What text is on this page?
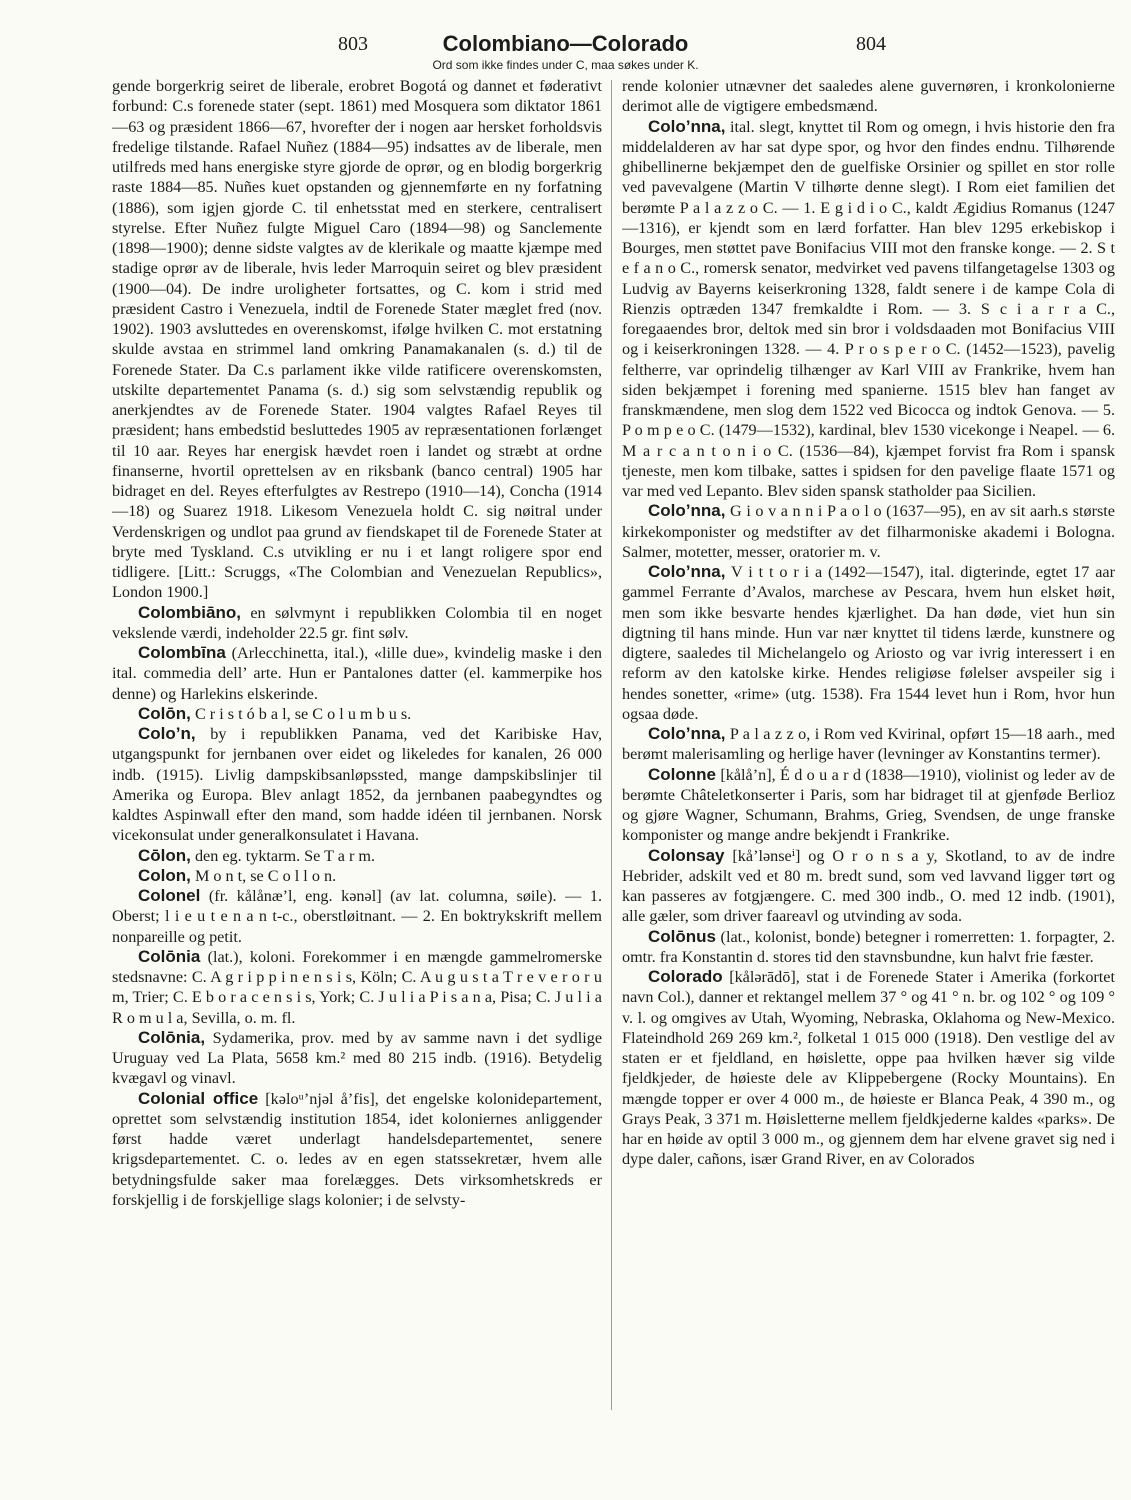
803	Colombiano—Colorado	804
Ord som ikke findes under C, maa søkes under K.

gende borgerkrig seiret de liberale, erobret Bogotá og dannet et føderativt forbund: C.s forenede stater (sept. 1861) med Mosquera som diktator 1861—63 og præsident 1866—67, hvorefter der i nogen aar hersket forholdsvis fredelige tilstande. Rafael Nuñez (1884—95) indsattes av de liberale, men utilfreds med hans energiske styre gjorde de oprør, og en blodig borgerkrig raste 1884—85. Nuñes kuet opstanden og gjennemførte en ny forfatning (1886), som igjen gjorde C. til enhetsstat med en sterkere, centralisert styrelse. Efter Nuñez fulgte Miguel Caro (1894—98) og Sanclemente (1898—1900); denne sidste valgtes av de klerikale og maatte kjæmpe med stadige oprør av de liberale, hvis leder Marroquin seiret og blev præsident (1900—04). De indre uroligheter fortsattes, og C. kom i strid med præsident Castro i Venezuela, indtil de Forenede Stater mæglet fred (nov. 1902). 1903 avsluttedes en overenskomst, ifølge hvilken C. mot erstatning skulde avstaa en strimmel land omkring Panamakanalen (s. d.) til de Forenede Stater. Da C.s parlament ikke vilde ratificere overenskomsten, utskilte departementet Panama (s. d.) sig som selvstændig republik og anerkjendtes av de Forenede Stater. 1904 valgtes Rafael Reyes til præsident; hans embedstid besluttedes 1905 av repræsentationen forlænget til 10 aar. Reyes har energisk hævdet roen i landet og stræbt at ordne finanserne, hvortil oprettelsen av en riksbank (banco central) 1905 har bidraget en del. Reyes efterfulgtes av Restrepo (1910—14), Concha (1914—18) og Suarez 1918. Likesom Venezuela holdt C. sig nøitral under Verdenskrigen og undlot paa grund av fiendskapet til de Forenede Stater at bryte med Tyskland. C.s utvikling er nu i et langt roligere spor end tidligere. [Litt.: Scruggs, «The Colombian and Venezuelan Republics», London 1900.]

Colombiāno, en sølvmynt i republikken Colombia til en noget vekslende værdi, indeholder 22.5 gr. fint sølv.

Colombīna (Arlecchinetta, ital.), «lille due», kvindelig maske i den ital. commedia dell’ arte. Hun er Pantalones datter (el. kammerpike hos denne) og Harlekins elskerinde.

Colōn, C r i s t ó b a l, se C o l u m b u s.

Colo’n, by i republikken Panama, ved det Karibiske Hav, utgangspunkt for jernbanen over eidet og likeledes for kanalen, 26 000 indb. (1915). Livlig dampskibsanløpssted, mange dampskibslinjer til Amerika og Europa. Blev anlagt 1852, da jernbanen paabegyndtes og kaldtes Aspinwall efter den mand, som hadde idéen til jernbanen. Norsk vicekonsulat under generalkonsulatet i Havana.

Cōlon, den eg. tyktarm. Se T a r m.

Colon, M o n t, se C o l l o n.

Colonel (fr. kålånæ’l, eng. kənəl] (av lat. columna, søile). — 1. Oberst; l i e u t e n a n t-c., oberstløitnant. — 2. En boktrykskrift mellem nonpareille og petit.

Colōnia (lat.), koloni. Forekommer i en mængde gammelromerske stedsnavne: C. A g r i p p i n e n s i s, Köln; C. A u g u s t a T r e v e r o r u m, Trier; C. E b o r a c e n s i s, York; C. J u l i a P i s a n a, Pisa; C. J u l i a R o m u l a, Sevilla, o. m. fl.

Colōnia, Sydamerika, prov. med by av samme navn i det sydlige Uruguay ved La Plata, 5658 km.² med 80 215 indb. (1916). Betydelig kvægavl og vinavl.

Colonial office [kəloᵘ’njəl å’fis], det engelske kolonidepartement, oprettet som selvstændig institution 1854, idet koloniernes anliggender først hadde været underlagt handelsdepartementet, senere krigsdepartementet. C. o. ledes av en egen statssekretær, hvem alle betydningsfulde saker maa forelægges. Dets virksomhetskreds er forskjellig i de forskjellige slags kolonier; i de selvsty-

rende kolonier utnævner det saaledes alene guvernøren, i kronkolonierne derimot alle de vigtigere embedsmænd.

Colo’nna, ital. slegt, knyttet til Rom og omegn, i hvis historie den fra middelalderen av har sat dype spor, og hvor den findes endnu. Tilhørende ghibellinerne bekjæmpet den de guelfiske Orsinier og spillet en stor rolle ved pavevalgene (Martin V tilhørte denne slegt). I Rom eiet familien det berømte P a l a z z o C. — 1. E g i d i o C., kaldt Ægidius Romanus (1247—1316), er kjendt som en lærd forfatter. Han blev 1295 erkebiskop i Bourges, men støttet pave Bonifacius VIII mot den franske konge. — 2. S t e f a n o C., romersk senator, medvirket ved pavens tilfangetagelse 1303 og Ludvig av Bayerns keiserkroning 1328, faldt senere i de kampe Cola di Rienzis optræden 1347 fremkaldte i Rom. — 3. S c i a r r a C., foregaaendes bror, deltok med sin bror i voldsdaaden mot Bonifacius VIII og i keiserkroningen 1328. — 4. P r o s p e r o C. (1452—1523), pavelig feltherre, var oprindelig tilhænger av Karl VIII av Frankrike, hvem han siden bekjæmpet i forening med spanierne. 1515 blev han fanget av franskmændene, men slog dem 1522 ved Bicocca og indtok Genova. — 5. P o m p e o C. (1479—1532), kardinal, blev 1530 vicekonge i Neapel. — 6. M a r c a n t o n i o C. (1536—84), kjæmpet forvist fra Rom i spansk tjeneste, men kom tilbake, sattes i spidsen for den pavelige flaate 1571 og var med ved Lepanto. Blev siden spansk statholder paa Sicilien.

Colo’nna, G i o v a n n i P a o l o (1637—95), en av sit aarh.s største kirkekomponister og medstifter av det filharmoniske akademi i Bologna. Salmer, motetter, messer, oratorier m. v.

Colo’nna, V i t t o r i a (1492—1547), ital. digterinde, egtet 17 aar gammel Ferrante d’Avalos, marchese av Pescara, hvem hun elsket høit, men som ikke besvarte hendes kjærlighet. Da han døde, viet hun sin digtning til hans minde. Hun var nær knyttet til tidens lærde, kunstnere og digtere, saaledes til Michelangelo og Ariosto og var ivrig interessert i en reform av den katolske kirke. Hendes religiøse følelser avspeiler sig i hendes sonetter, «rime» (utg. 1538). Fra 1544 levet hun i Rom, hvor hun ogsaa døde.

Colo’nna, P a l a z z o, i Rom ved Kvirinal, opført 15—18 aarh., med berømt malerisamling og herlige haver (levninger av Konstantins termer).

Colonne [kålå’n], É d o u a r d (1838—1910), violinist og leder av de berømte Châteletkonserter i Paris, som har bidraget til at gjenføde Berlioz og gjøre Wagner, Schumann, Brahms, Grieg, Svendsen, de unge franske komponister og mange andre bekjendt i Frankrike.

Colonsay [kå’lənseⁱ] og O r o n s a y, Skotland, to av de indre Hebrider, adskilt ved et 80 m. bredt sund, som ved lavvand ligger tørt og kan passeres av fotgjængere. C. med 300 indb., O. med 12 indb. (1901), alle gæler, som driver faareavl og utvinding av soda.

Colōnus (lat., kolonist, bonde) betegner i romerretten: 1. forpagter, 2. omtr. fra Konstantin d. stores tid den stavnsbundne, kun halvt frie fæster.

Colorado [kålərādō], stat i de Forenede Stater i Amerika (forkortet navn Col.), danner et rektangel mellem 37 ° og 41 ° n. br. og 102 ° og 109 ° v. l. og omgives av Utah, Wyoming, Nebraska, Oklahoma og New-Mexico. Flateindhold 269 269 km.², folketal 1 015 000 (1918). Den vestlige del av staten er et fjeldland, en høislette, oppe paa hvilken hæver sig vilde fjeldkjeder, de høieste dele av Klippebergene (Rocky Mountains). En mængde topper er over 4 000 m., de høieste er Blanca Peak, 4 390 m., og Grays Peak, 3 371 m. Høisletterne mellem fjeldkjederne kaldes «parks». De har en høide av optil 3 000 m., og gjennem dem har elvene gravet sig ned i dype daler, cañons, især Grand River, en av Colorados
